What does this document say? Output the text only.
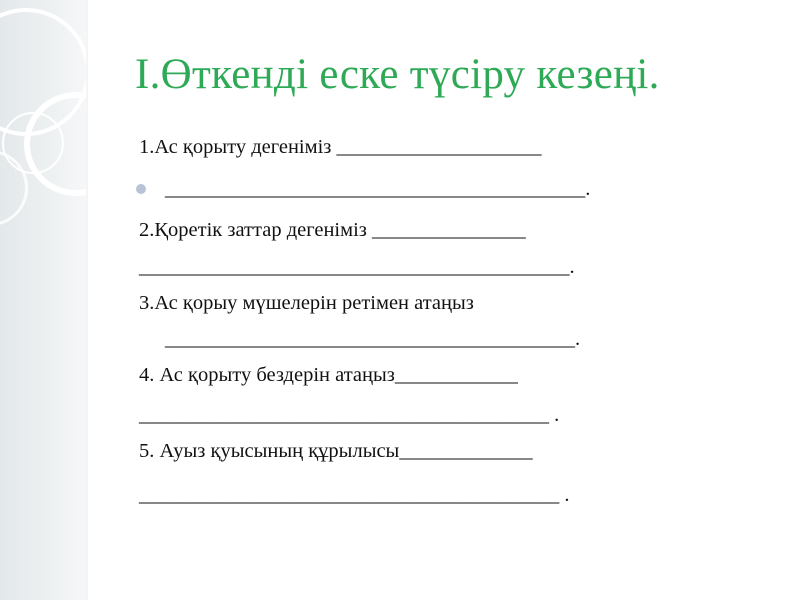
І.Өткенді еске түсіру кезеңі.
1.Ас қорыту дегеніміз ____________________
_________________________________________.
2.Қоретік заттар дегеніміз _______________
__________________________________________.
3.Ас қорыу мүшелерін ретімен атаңыз
________________________________________.
4. Ас қорыту бездерін атаңыз____________
________________________________________ .
5. Ауыз қуысының құрылысы_____________
_________________________________________ .
